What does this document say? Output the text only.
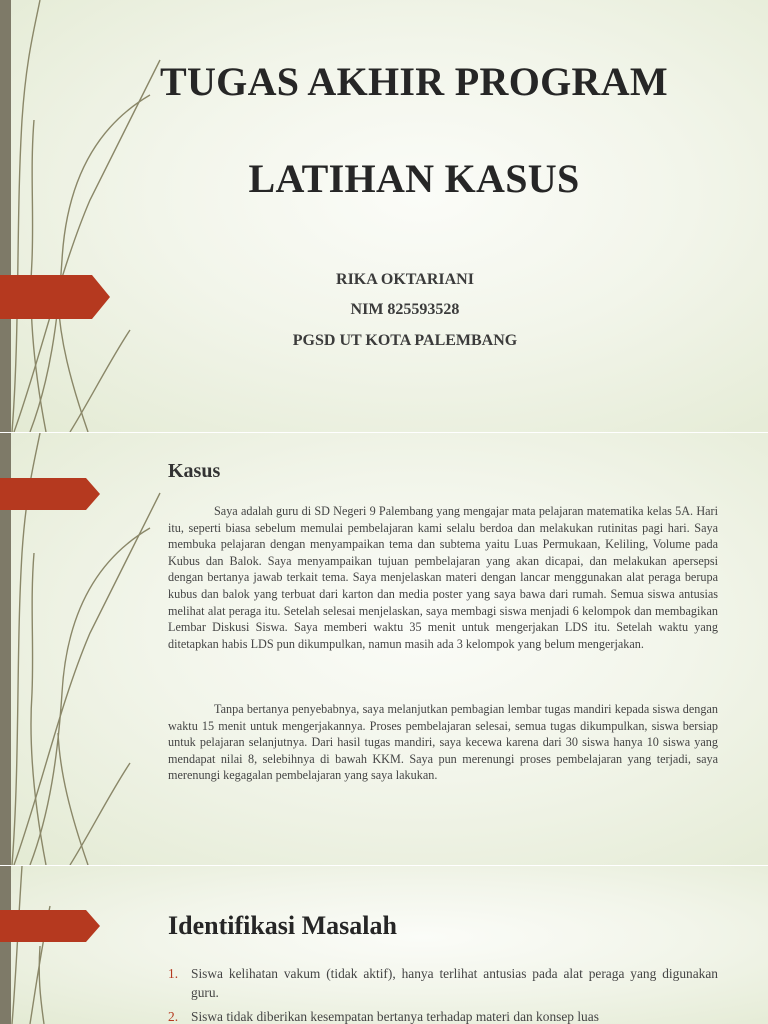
TUGAS AKHIR PROGRAM
LATIHAN KASUS
RIKA OKTARIANI
NIM 825593528
PGSD UT KOTA PALEMBANG
Kasus

Saya adalah guru di SD Negeri 9 Palembang yang mengajar mata pelajaran matematika kelas 5A. Hari itu, seperti biasa sebelum memulai pembelajaran kami selalu berdoa dan melakukan rutinitas pagi hari. Saya membuka pelajaran dengan menyampaikan tema dan subtema yaitu Luas Permukaan, Keliling, Volume pada Kubus dan Balok. Saya menyampaikan tujuan pembelajaran yang akan dicapai, dan melakukan apersepsi dengan bertanya jawab terkait tema. Saya menjelaskan materi dengan lancar menggunakan alat peraga berupa kubus dan balok yang terbuat dari karton dan media poster yang saya bawa dari rumah. Semua siswa antusias melihat alat peraga itu. Setelah selesai menjelaskan, saya membagi siswa menjadi 6 kelompok dan membagikan Lembar Diskusi Siswa. Saya memberi waktu 35 menit untuk mengerjakan LDS itu. Setelah waktu yang ditetapkan habis LDS pun dikumpulkan, namun masih ada 3 kelompok yang belum mengerjakan.

Tanpa bertanya penyebabnya, saya melanjutkan pembagian lembar tugas mandiri kepada siswa dengan waktu 15 menit untuk mengerjakannya. Proses pembelajaran selesai, semua tugas dikumpulkan, siswa bersiap untuk pelajaran selanjutnya. Dari hasil tugas mandiri, saya kecewa karena dari 30 siswa hanya 10 siswa yang mendapat nilai 8, selebihnya di bawah KKM. Saya pun merenungi proses pembelajaran yang terjadi, saya merenungi kegagalan pembelajaran yang saya lakukan.

Identifikasi Masalah
1. Siswa kelihatan vakum (tidak aktif), hanya terlihat antusias pada alat peraga yang digunakan guru.
2. Siswa tidak diberikan kesempatan bertanya terhadap materi dan konsep luas
